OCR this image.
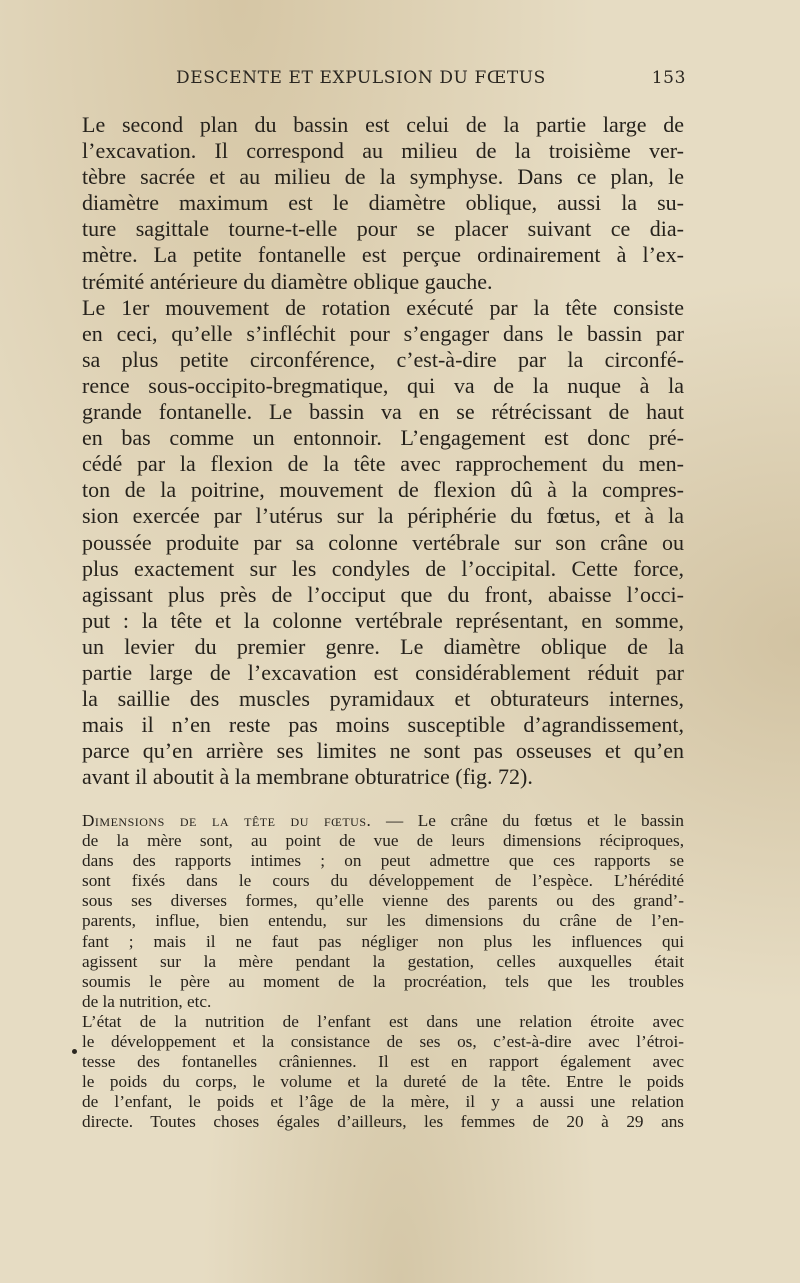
DESCENTE ET EXPULSION DU FŒTUS	153
Le second plan du bassin est celui de la partie large de
l’excavation. Il correspond au milieu de la troisième ver-
tèbre sacrée et au milieu de la symphyse. Dans ce plan, le
diamètre maximum est le diamètre oblique, aussi la su-
ture sagittale tourne-t-elle pour se placer suivant ce dia-
mètre. La petite fontanelle est perçue ordinairement à l’ex-
trémité antérieure du diamètre oblique gauche.
Le 1er mouvement de rotation exécuté par la tête consiste
en ceci, qu’elle s’infléchit pour s’engager dans le bassin par
sa plus petite circonférence, c’est-à-dire par la circonfé-
rence sous-occipito-bregmatique, qui va de la nuque à la
grande fontanelle. Le bassin va en se rétrécissant de haut
en bas comme un entonnoir. L’engagement est donc pré-
cédé par la flexion de la tête avec rapprochement du men-
ton de la poitrine, mouvement de flexion dû à la compres-
sion exercée par l’utérus sur la périphérie du fœtus, et à la
poussée produite par sa colonne vertébrale sur son crâne ou
plus exactement sur les condyles de l’occipital. Cette force,
agissant plus près de l’occiput que du front, abaisse l’occi-
put : la tête et la colonne vertébrale représentant, en somme,
un levier du premier genre. Le diamètre oblique de la
partie large de l’excavation est considérablement réduit par
la saillie des muscles pyramidaux et obturateurs internes,
mais il n’en reste pas moins susceptible d’agrandissement,
parce qu’en arrière ses limites ne sont pas osseuses et qu’en
avant il aboutit à la membrane obturatrice (fig. 72).
Dimensions de la tête du fœtus. — Le crâne du fœtus et le bassin
de la mère sont, au point de vue de leurs dimensions réciproques,
dans des rapports intimes ; on peut admettre que ces rapports se
sont fixés dans le cours du développement de l’espèce. L’hérédité
sous ses diverses formes, qu’elle vienne des parents ou des grand’-
parents, influe, bien entendu, sur les dimensions du crâne de l’en-
fant ; mais il ne faut pas négliger non plus les influences qui
agissent sur la mère pendant la gestation, celles auxquelles était
soumis le père au moment de la procréation, tels que les troubles
de la nutrition, etc.
L’état de la nutrition de l’enfant est dans une relation étroite avec
le développement et la consistance de ses os, c’est-à-dire avec l’étroi-
tesse des fontanelles crâniennes. Il est en rapport également avec
le poids du corps, le volume et la dureté de la tête. Entre le poids
de l’enfant, le poids et l’âge de la mère, il y a aussi une relation
directe. Toutes choses égales d’ailleurs, les femmes de 20 à 29 ans
